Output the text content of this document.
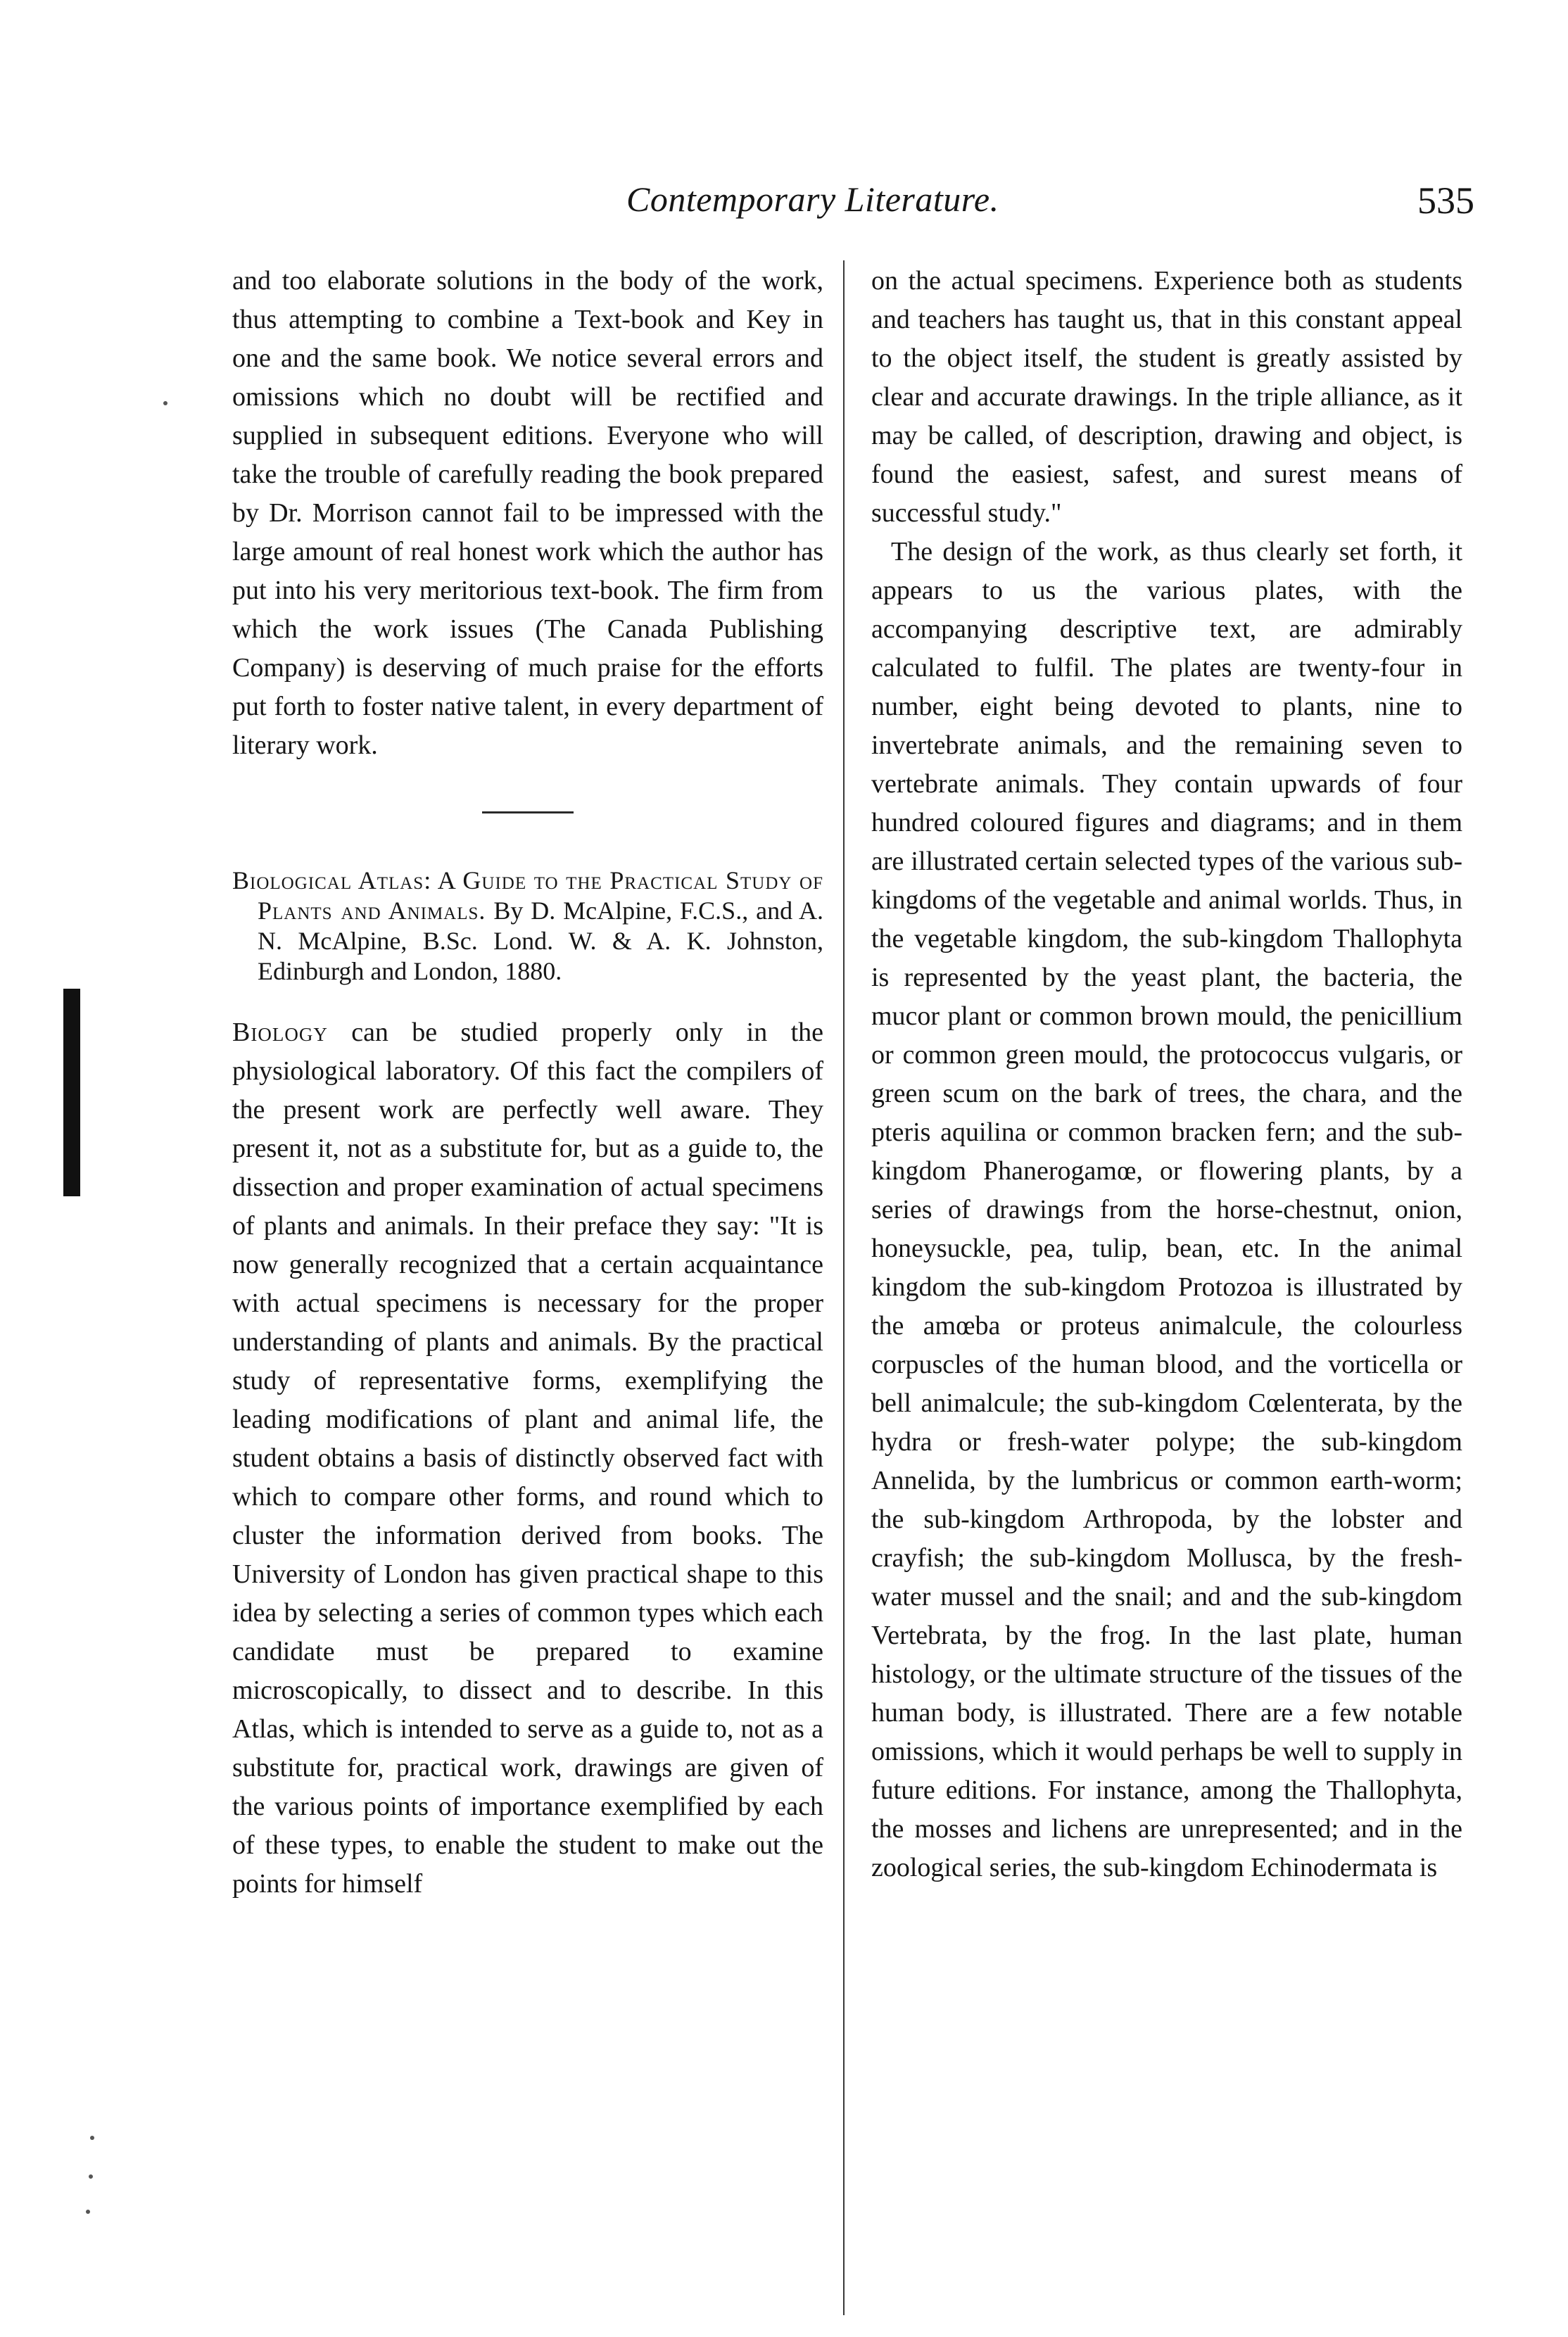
Contemporary Literature.	535

and too elaborate solutions in the body of the work, thus attempting to combine a Text-book and Key in one and the same book. We notice several errors and omissions which no doubt will be rectified and supplied in subsequent editions. Everyone who will take the trouble of carefully reading the book prepared by Dr. Morrison cannot fail to be impressed with the large amount of real honest work which the author has put into his very meritorious text-book. The firm from which the work issues (The Canada Publishing Company) is deserving of much praise for the efforts put forth to foster native talent, in every department of literary work.

Biological Atlas: A Guide to the Practical Study of Plants and Animals. By D. McAlpine, F.C.S., and A. N. McAlpine, B.Sc. Lond. W. & A. K. Johnston, Edinburgh and London, 1880.

Biology can be studied properly only in the physiological laboratory. Of this fact the compilers of the present work are perfectly well aware. They present it, not as a substitute for, but as a guide to, the dissection and proper examination of actual specimens of plants and animals. In their preface they say: "It is now generally recognized that a certain acquaintance with actual specimens is necessary for the proper understanding of plants and animals. By the practical study of representative forms, exemplifying the leading modifications of plant and animal life, the student obtains a basis of distinctly observed fact with which to compare other forms, and round which to cluster the information derived from books. The University of London has given practical shape to this idea by selecting a series of common types which each candidate must be prepared to examine microscopically, to dissect and to describe. In this Atlas, which is intended to serve as a guide to, not as a substitute for, practical work, drawings are given of the various points of importance exemplified by each of these types, to enable the student to make out the points for himself

on the actual specimens. Experience both as students and teachers has taught us, that in this constant appeal to the object itself, the student is greatly assisted by clear and accurate drawings. In the triple alliance, as it may be called, of description, drawing and object, is found the easiest, safest, and surest means of successful study."

The design of the work, as thus clearly set forth, it appears to us the various plates, with the accompanying descriptive text, are admirably calculated to fulfil. The plates are twenty-four in number, eight being devoted to plants, nine to invertebrate animals, and the remaining seven to vertebrate animals. They contain upwards of four hundred coloured figures and diagrams; and in them are illustrated certain selected types of the various sub-kingdoms of the vegetable and animal worlds. Thus, in the vegetable kingdom, the sub-kingdom Thallophyta is represented by the yeast plant, the bacteria, the mucor plant or common brown mould, the penicillium or common green mould, the protococcus vulgaris, or green scum on the bark of trees, the chara, and the pteris aquilina or common bracken fern; and the sub-kingdom Phanerogamœ, or flowering plants, by a series of drawings from the horse-chestnut, onion, honeysuckle, pea, tulip, bean, etc. In the animal kingdom the sub-kingdom Protozoa is illustrated by the amœba or proteus animalcule, the colourless corpuscles of the human blood, and the vorticella or bell animalcule; the sub-kingdom Cœlenterata, by the hydra or fresh-water polype; the sub-kingdom Annelida, by the lumbricus or common earth-worm; the sub-kingdom Arthropoda, by the lobster and crayfish; the sub-kingdom Mollusca, by the fresh-water mussel and the snail; and and the sub-kingdom Vertebrata, by the frog. In the last plate, human histology, or the ultimate structure of the tissues of the human body, is illustrated. There are a few notable omissions, which it would perhaps be well to supply in future editions. For instance, among the Thallophyta, the mosses and lichens are unrepresented; and in the zoological series, the sub-kingdom Echinodermata is
